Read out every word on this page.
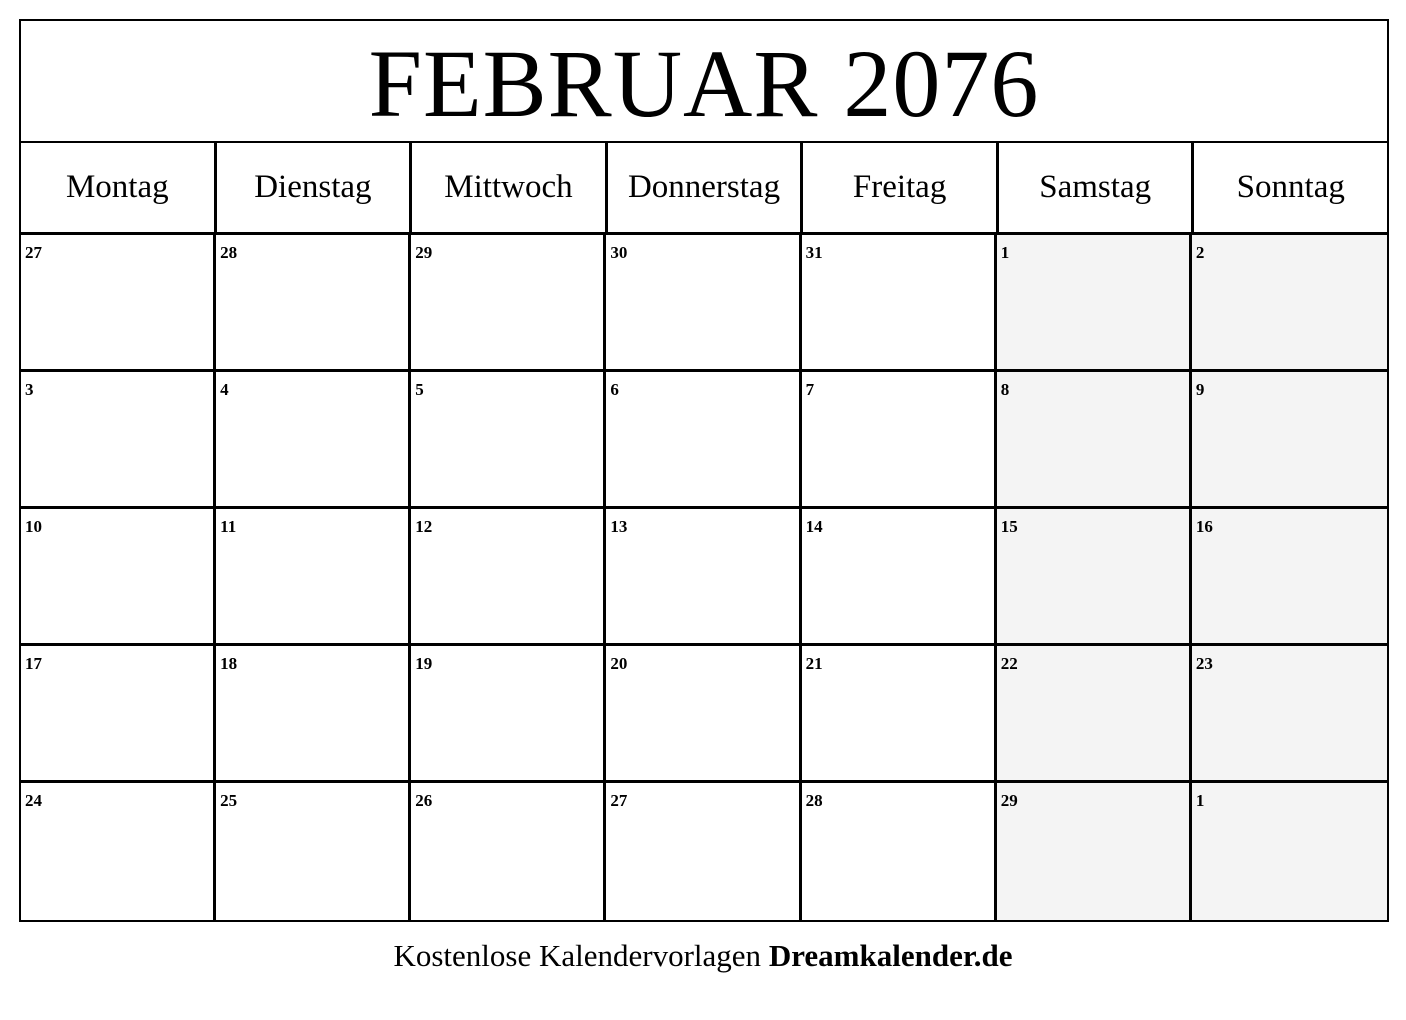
FEBRUAR 2076
Montag	Dienstag	Mittwoch	Donnerstag	Freitag	Samstag	Sonntag
27	28	29	30	31	1	2
3	4	5	6	7	8	9
10	11	12	13	14	15	16
17	18	19	20	21	22	23
24	25	26	27	28	29	1
Kostenlose Kalendervorlagen Dreamkalender.de
